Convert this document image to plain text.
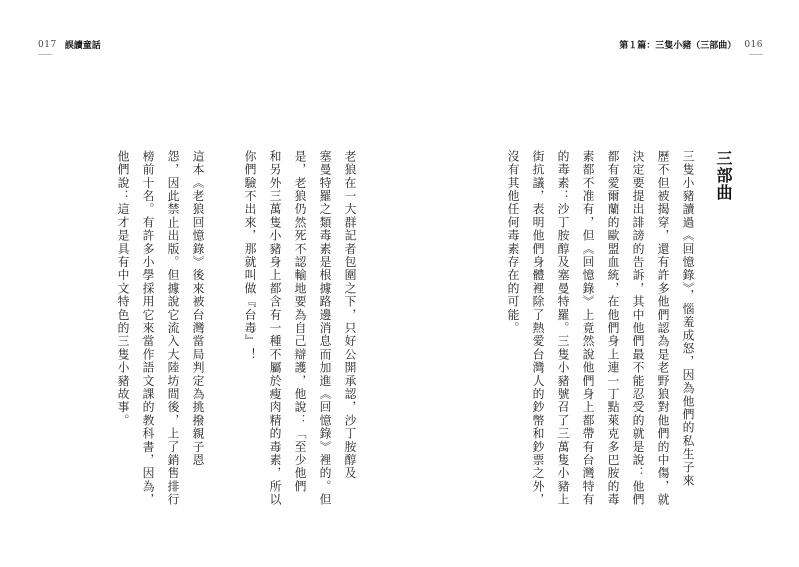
017 誤讀童話
老狼在一大群記者包圍之下，只好公開承認，沙丁胺醇及
塞曼特羅之類毒素是根據路邊消息而加進《回憶錄》裡的。但
是，老狼仍然死不認輸地要為自己辯護，他說：「至少他們
和另外三萬隻小豬身上都含有一種不屬於瘦肉精的毒素，所以
你們驗不出來，那就叫做『台毒』！
這本《老狼回憶錄》後來被台灣當局判定為挑撥親子恩
怨，因此禁止出版。但據說它流入大陸坊間後，上了銷售排行
榜前十名。有許多小學採用它來當作語文課的教科書，因為，
他們說：這才是具有中文特色的三隻小豬故事。
第１篇：三隻小豬（三部曲） 016
三部曲
三隻小豬讀過《回憶錄》，惱羞成怒，因為他們的私生子來
歷不但被揭穿，還有許多他們認為是老野狼對他們的中傷，就
決定要提出誹謗的告訴，其中他們最不能忍受的就是說：他們
都有愛爾蘭的歐盟血統，在他們身上連一丁點萊克多巴胺的毒
素都不准有，但《回憶錄》上竟然說他們身上都帶有台灣特有
的毒素：沙丁胺醇及塞曼特羅。三隻小豬號召了三萬隻小豬上
街抗議，表明他們身體裡除了熱愛台灣人的鈔幣和鈔票之外，
沒有其他任何毒素存在的可能。
